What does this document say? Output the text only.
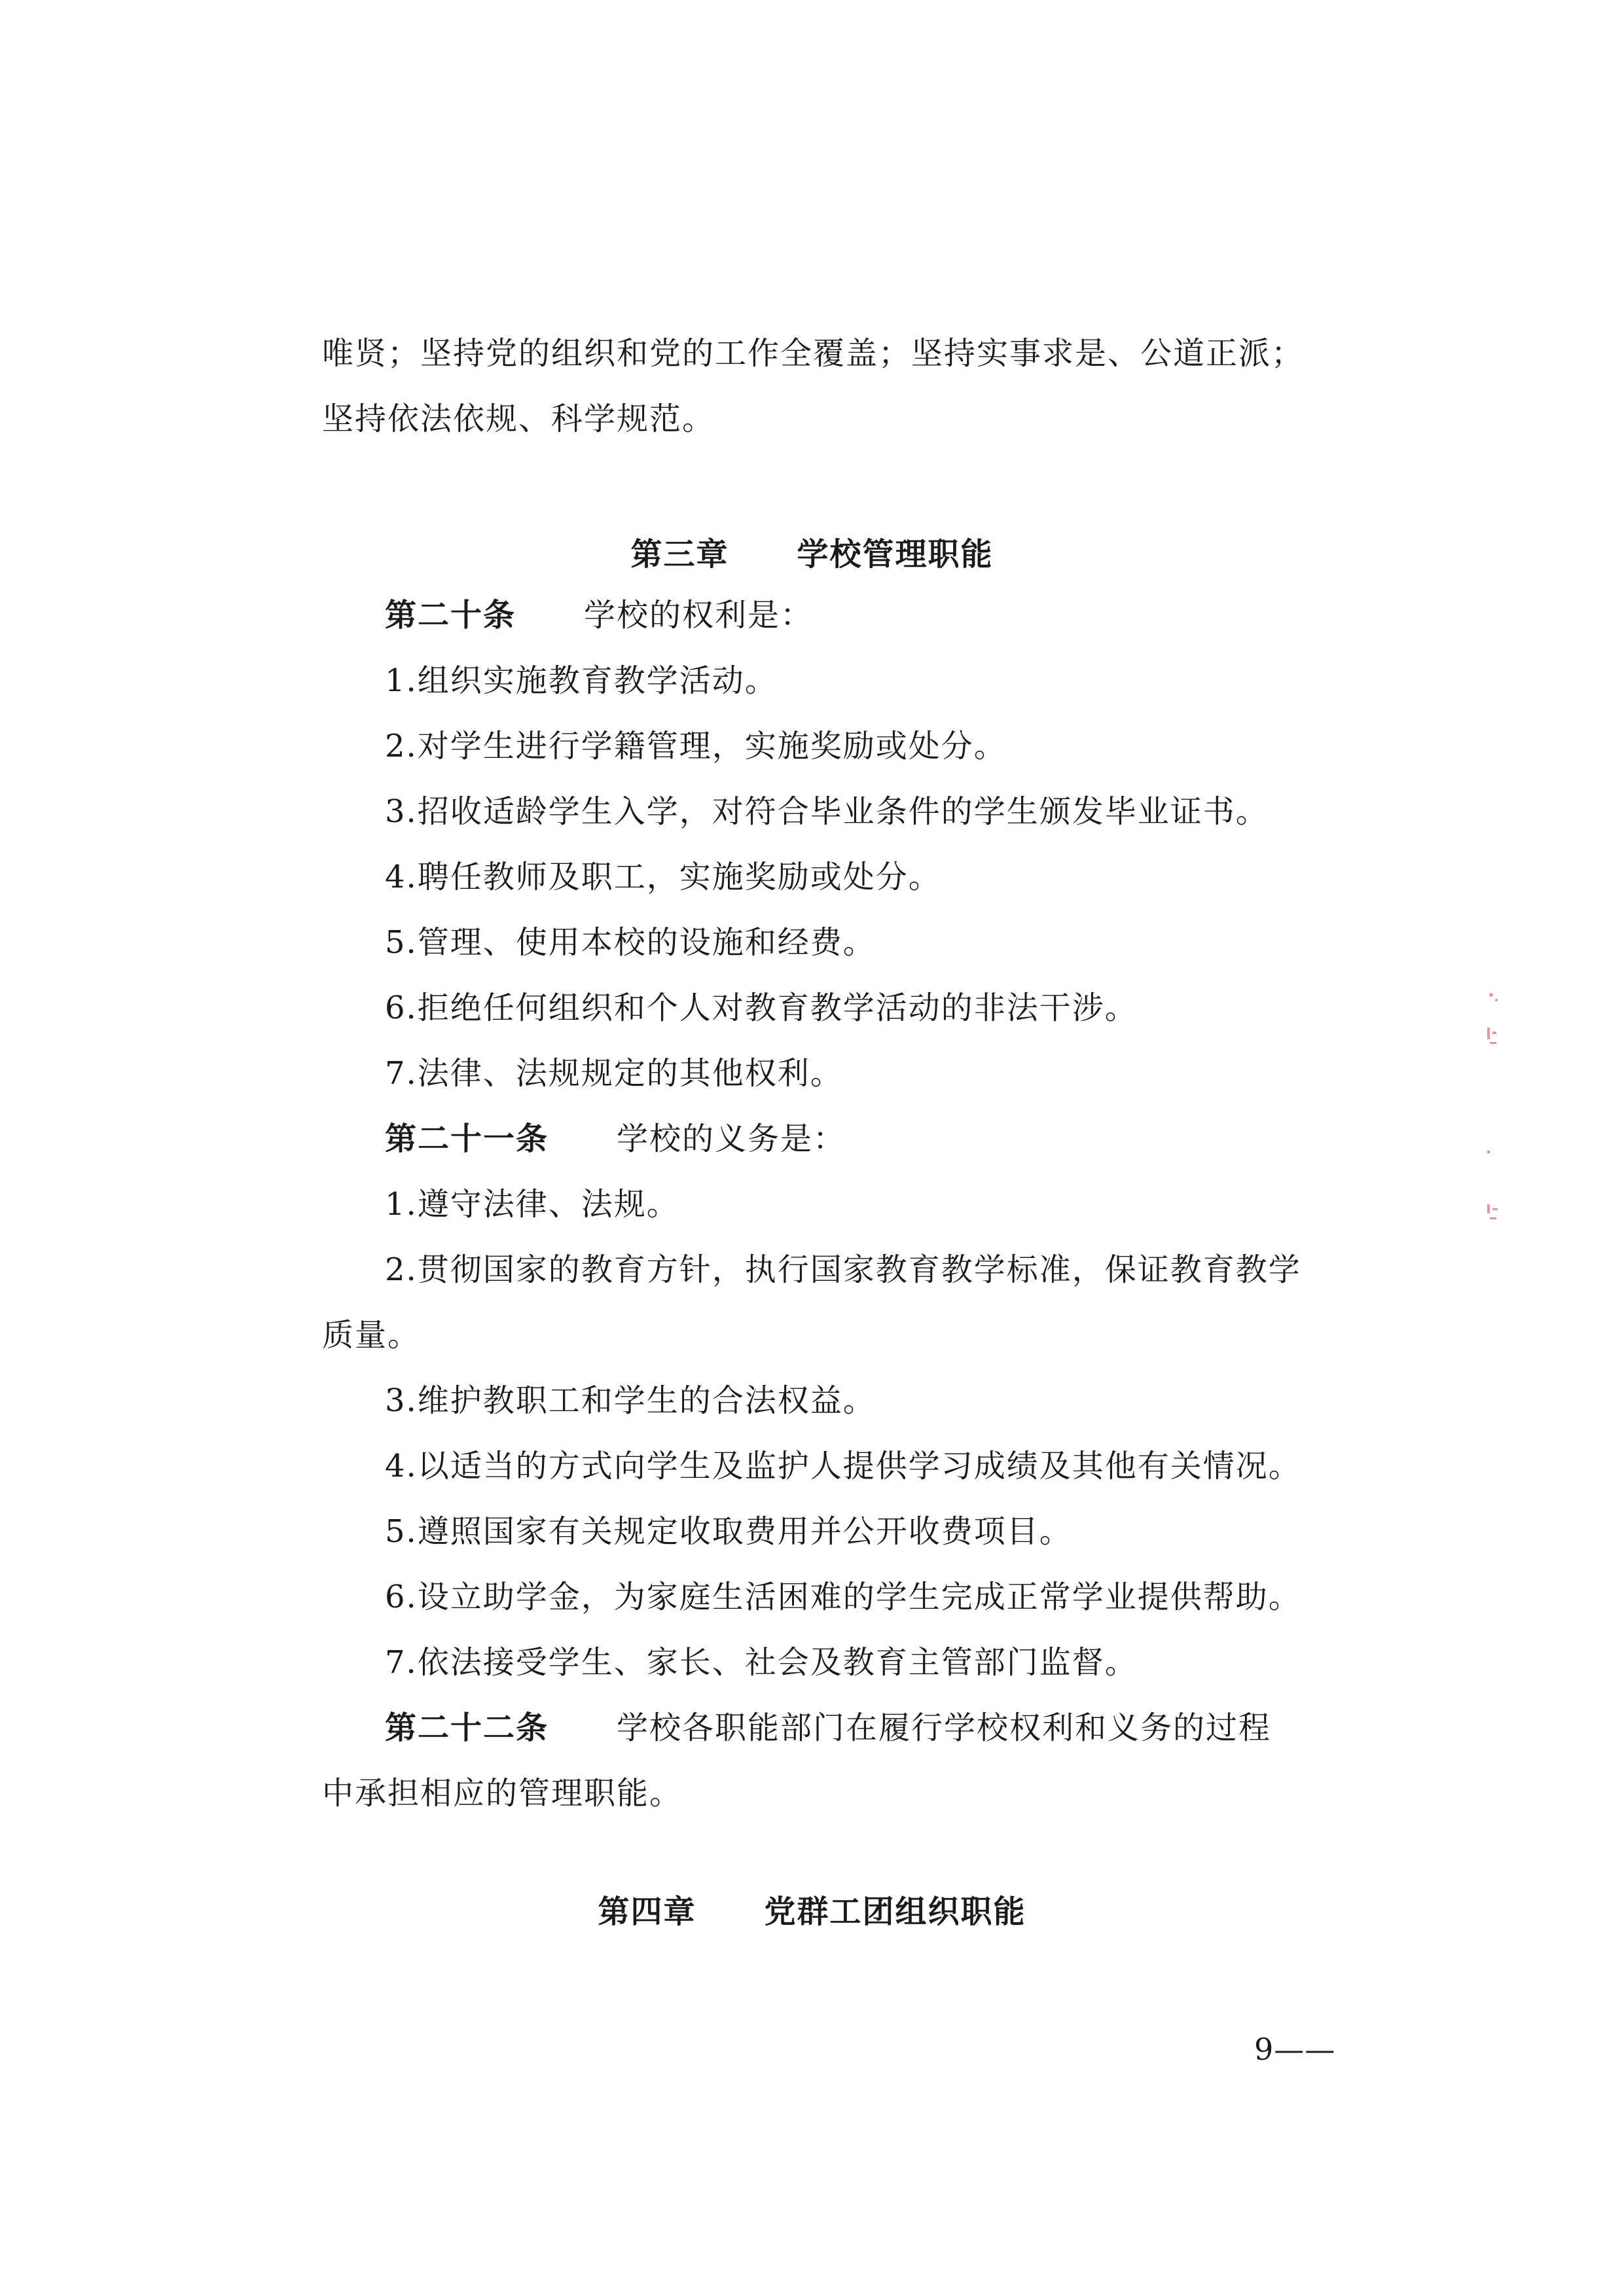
唯贤；坚持党的组织和党的工作全覆盖；坚持实事求是、公道正派；
坚持依法依规、科学规范。
第三章 学校管理职能
第二十条 学校的权利是：
1.组织实施教育教学活动。
2.对学生进行学籍管理，实施奖励或处分。
3.招收适龄学生入学，对符合毕业条件的学生颁发毕业证书。
4.聘任教师及职工，实施奖励或处分。
5.管理、使用本校的设施和经费。
6.拒绝任何组织和个人对教育教学活动的非法干涉。
7.法律、法规规定的其他权利。
第二十一条 学校的义务是：
1.遵守法律、法规。
2.贯彻国家的教育方针，执行国家教育教学标准，保证教育教学
质量。
3.维护教职工和学生的合法权益。
4.以适当的方式向学生及监护人提供学习成绩及其他有关情况。
5.遵照国家有关规定收取费用并公开收费项目。
6.设立助学金，为家庭生活困难的学生完成正常学业提供帮助。
7.依法接受学生、家长、社会及教育主管部门监督。
第二十二条 学校各职能部门在履行学校权利和义务的过程
中承担相应的管理职能。
第四章 党群工团组织职能
9——
